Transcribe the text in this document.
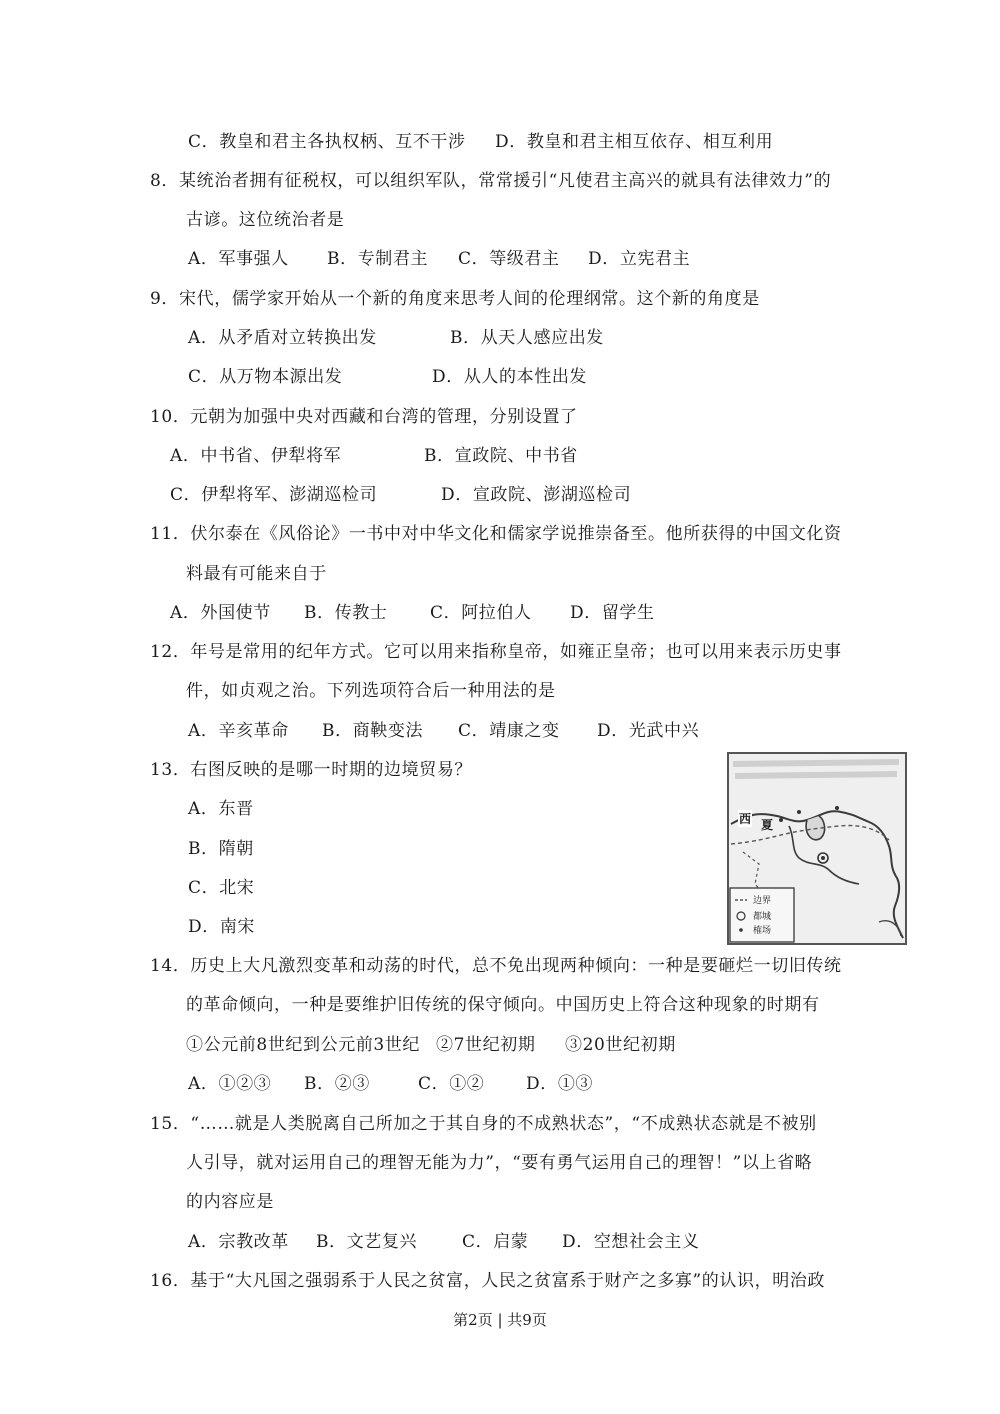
C．教皇和君主各执权柄、互不干涉 D．教皇和君主相互依存、相互利用
8．某统治者拥有征税权，可以组织军队，常常援引“凡使君主高兴的就具有法律效力”的
古谚。这位统治者是
A．军事强人 B．专制君主 C．等级君主 D．立宪君主
9．宋代，儒学家开始从一个新的角度来思考人间的伦理纲常。这个新的角度是
A．从矛盾对立转换出发	B．从天人感应出发
C．从万物本源出发	D．从人的本性出发
10．元朝为加强中央对西藏和台湾的管理，分别设置了
A．中书省、伊犁将军	B．宣政院、中书省
C．伊犁将军、澎湖巡检司	D．宣政院、澎湖巡检司
11．伏尔泰在《风俗论》一书中对中华文化和儒家学说推崇备至。他所获得的中国文化资
料最有可能来自于
A．外国使节 B．传教士	C．阿拉伯人 D．留学生
12．年号是常用的纪年方式。它可以用来指称皇帝，如雍正皇帝；也可以用来表示历史事
件，如贞观之治。下列选项符合后一种用法的是
A．辛亥革命 B．商鞅变法 C．靖康之变 D．光武中兴
13．右图反映的是哪一时期的边境贸易？
A．东晋
B．隋朝
C．北宋
D．南宋
西 夏
边界
都城
榷场
14．历史上大凡激烈变革和动荡的时代，总不免出现两种倾向：一种是要砸烂一切旧传统
的革命倾向，一种是要维护旧传统的保守倾向。中国历史上符合这种现象的时期有
①公元前8世纪到公元前3世纪 ②7世纪初期 ③20世纪初期
A．①②③ B．②③	C．①② D．①③
15．“……就是人类脱离自己所加之于其自身的不成熟状态”，“不成熟状态就是不被别
人引导，就对运用自己的理智无能为力”，“要有勇气运用自己的理智！”以上省略
的内容应是
A．宗教改革 B．文艺复兴	C．启蒙 D．空想社会主义
16．基于“大凡国之强弱系于人民之贫富，人民之贫富系于财产之多寡”的认识，明治政
第2页 | 共9页
